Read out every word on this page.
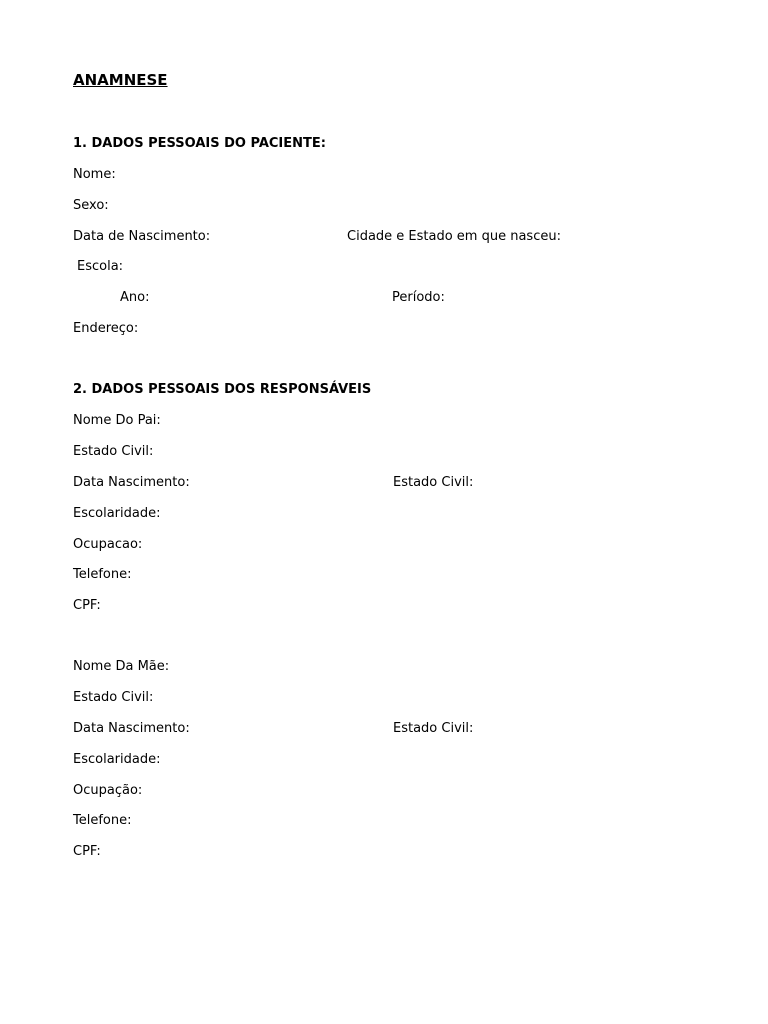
ANAMNESE
1. DADOS PESSOAIS DO PACIENTE:
Nome:
Sexo:
Data de Nascimento:	Cidade e Estado em que nasceu:
Escola:
Ano:	Período:
Endereço:
2. DADOS PESSOAIS DOS RESPONSÁVEIS
Nome Do Pai:
Estado Civil:
Data Nascimento:	Estado Civil:
Escolaridade:
Ocupacao:
Telefone:
CPF:
Nome Da Mãe:
Estado Civil:
Data Nascimento:	Estado Civil:
Escolaridade:
Ocupação:
Telefone:
CPF:
